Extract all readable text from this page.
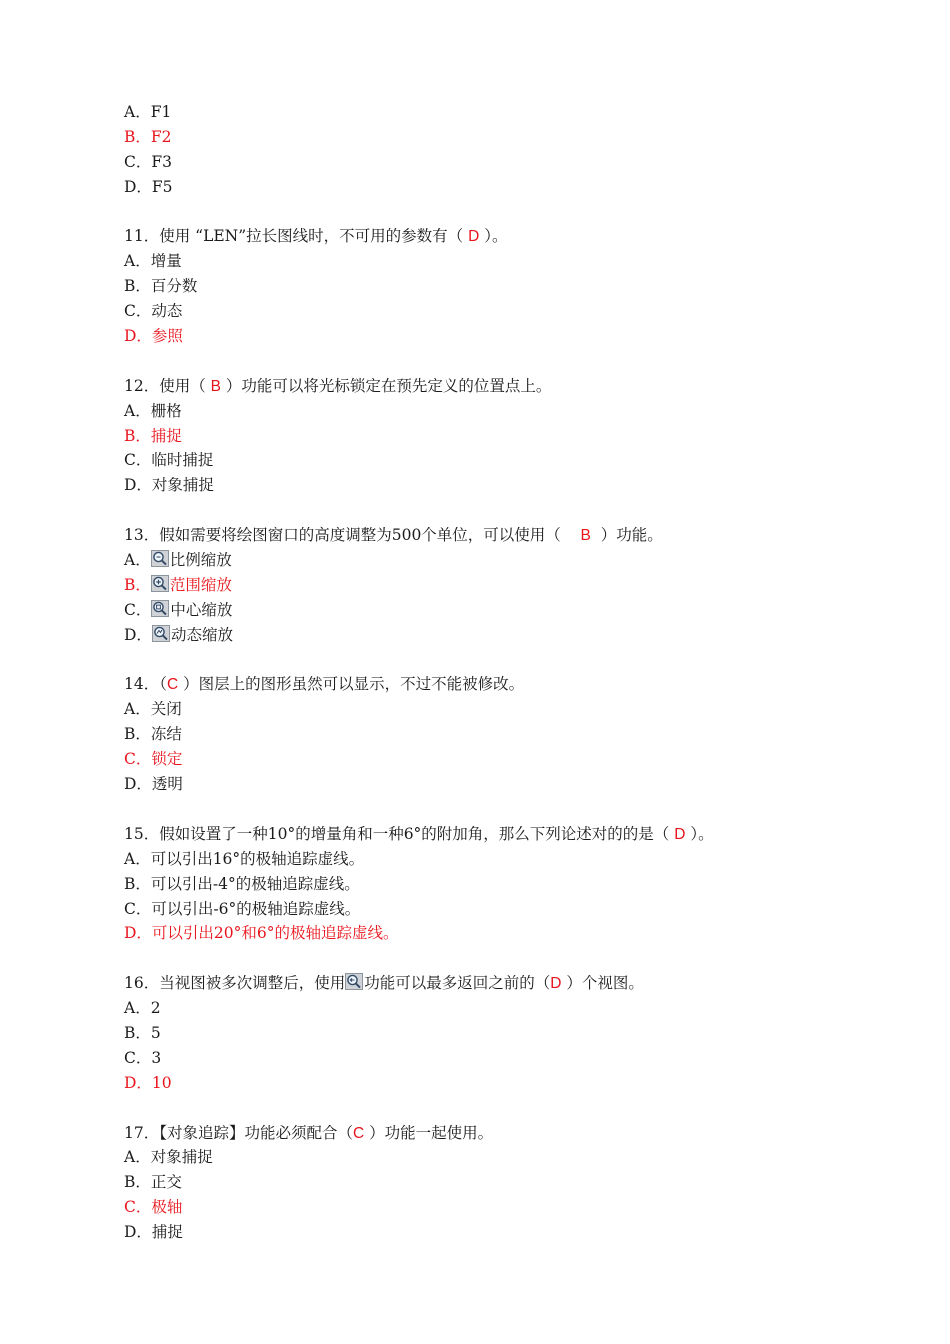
A．F1
B．F2
C．F3
D．F5
11．使用 “LEN”拉长图线时，不可用的参数有（ D ）。
A．增量
B．百分数
C．动态
D．参照
12．使用（ B ）功能可以将光标锁定在预先定义的位置点上。
A．栅格
B．捕捉
C．临时捕捉
D．对象捕捉
13．假如需要将绘图窗口的高度调整为500个单位，可以使用（    B  ）功能。
A． 比例缩放
B． 范围缩放
C． 中心缩放
D． 动态缩放
14．（C ）图层上的图形虽然可以显示，不过不能被修改。
A．关闭
B．冻结
C．锁定
D．透明
15．假如设置了一种10°的增量角和一种6°的附加角，那么下列论述对的的是（ D ）。
A．可以引出16°的极轴追踪虚线。
B．可以引出-4°的极轴追踪虚线。
C．可以引出-6°的极轴追踪虚线。
D．可以引出20°和6°的极轴追踪虚线。
16．当视图被多次调整后，使用 功能可以最多返回之前的（D ）个视图。
A．2
B．5
C．3
D．10
17．【对象追踪】功能必须配合（C ）功能一起使用。
A．对象捕捉
B．正交
C．极轴
D．捕捉
